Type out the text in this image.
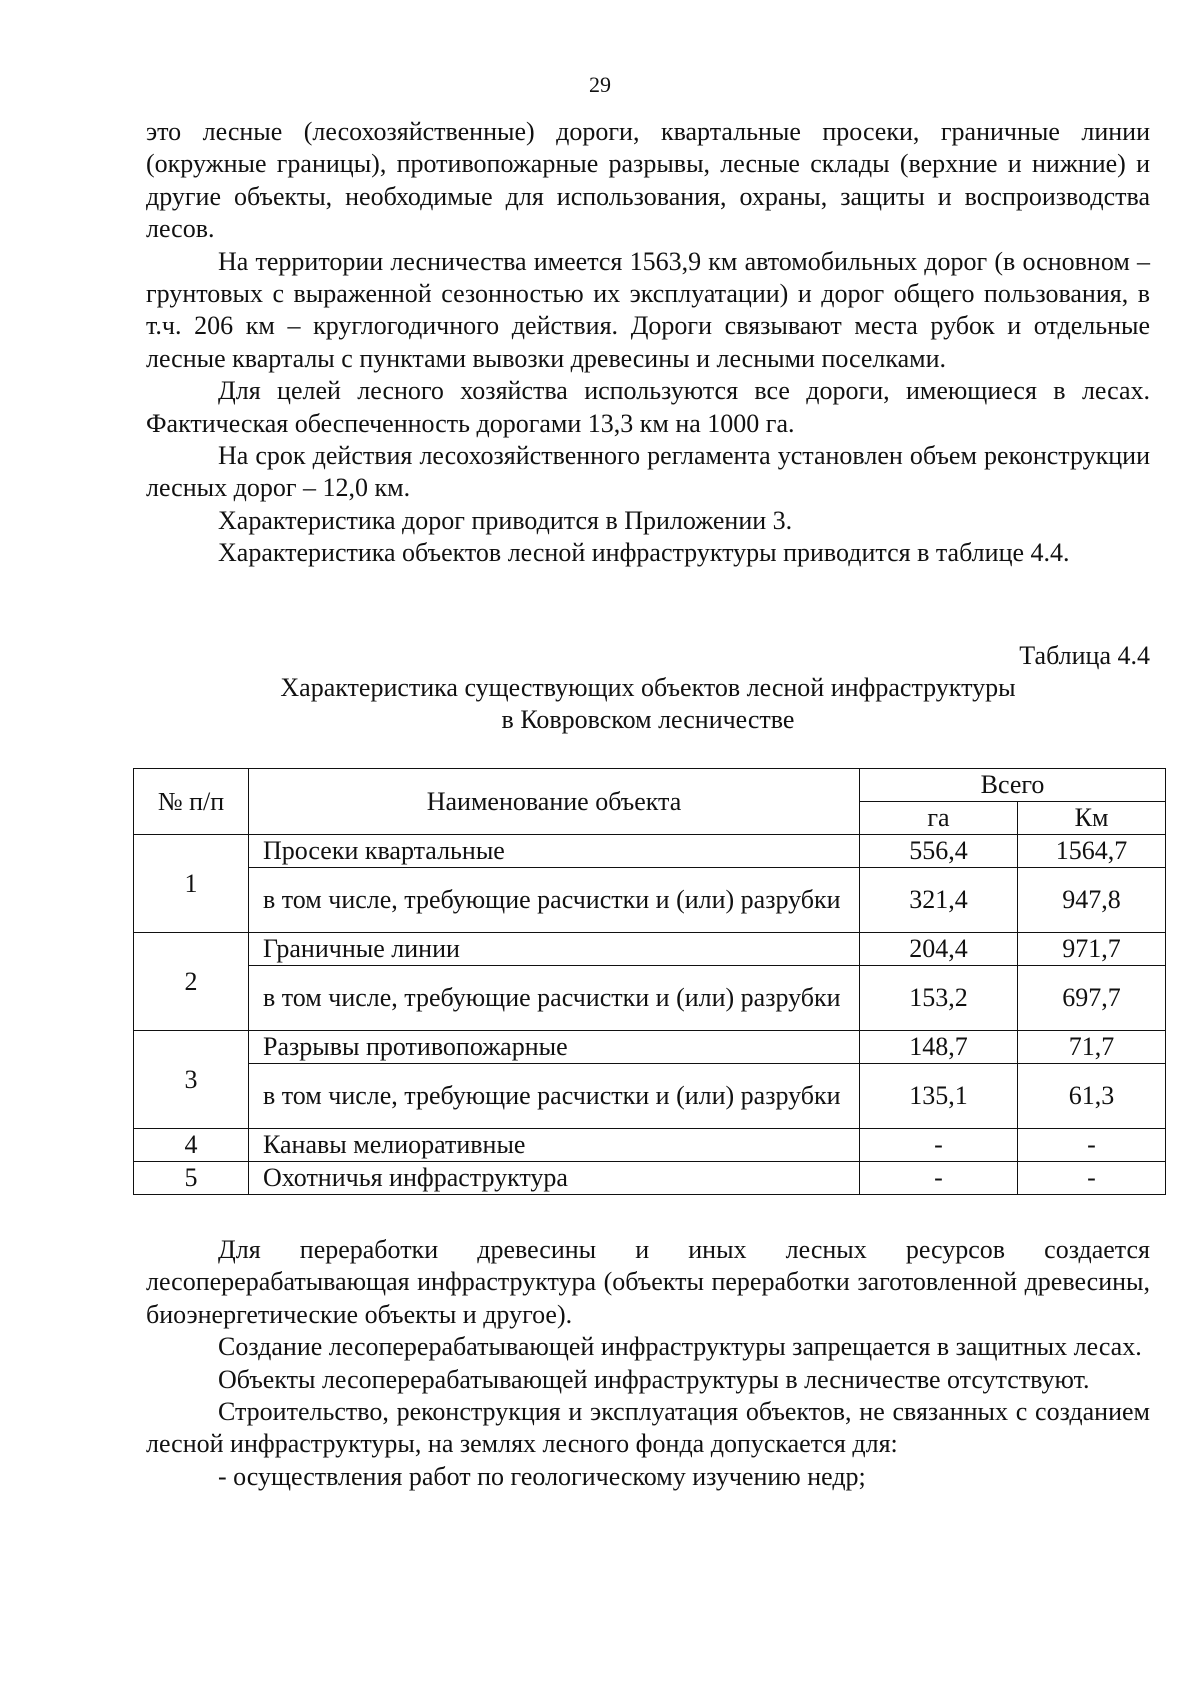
29

это лесные (лесохозяйственные) дороги, квартальные просеки, граничные линии (окружные границы), противопожарные разрывы, лесные склады (верхние и нижние) и другие объекты, необходимые для использования, охраны, защиты и воспроизводства лесов.

На территории лесничества имеется 1563,9 км автомобильных дорог (в основном – грунтовых с выраженной сезонностью их эксплуатации) и дорог общего пользования, в т.ч. 206 км – круглогодичного действия. Дороги связывают места рубок и отдельные лесные кварталы с пунктами вывозки древесины и лесными поселками.

Для целей лесного хозяйства используются все дороги, имеющиеся в лесах. Фактическая обеспеченность дорогами 13,3 км на 1000 га.

На срок действия лесохозяйственного регламента установлен объем реконструкции лесных дорог – 12,0 км.

Характеристика дорог приводится в Приложении 3.

Характеристика объектов лесной инфраструктуры приводится в таблице 4.4.

Таблица 4.4
Характеристика существующих объектов лесной инфраструктуры
в Ковровском лесничестве
№ п/п	Наименование объекта	Всего	
		га	Км
1	Просеки квартальные	556,4	1564,7
	в том числе, требующие расчистки и (или) разрубки	321,4	947,8
2	Граничные линии	204,4	971,7
	в том числе, требующие расчистки и (или) разрубки	153,2	697,7
3	Разрывы противопожарные	148,7	71,7
	в том числе, требующие расчистки и (или) разрубки	135,1	61,3
4	Канавы мелиоративные	-	-
5	Охотничья инфраструктура	-	-

Для переработки древесины и иных лесных ресурсов создается лесоперерабатывающая инфраструктура (объекты переработки заготовленной древесины, биоэнергетические объекты и другое).

Создание лесоперерабатывающей инфраструктуры запрещается в защитных лесах.

Объекты лесоперерабатывающей инфраструктуры в лесничестве отсутствуют.

Строительство, реконструкция и эксплуатация объектов, не связанных с созданием лесной инфраструктуры, на землях лесного фонда допускается для:

- осуществления работ по геологическому изучению недр;
